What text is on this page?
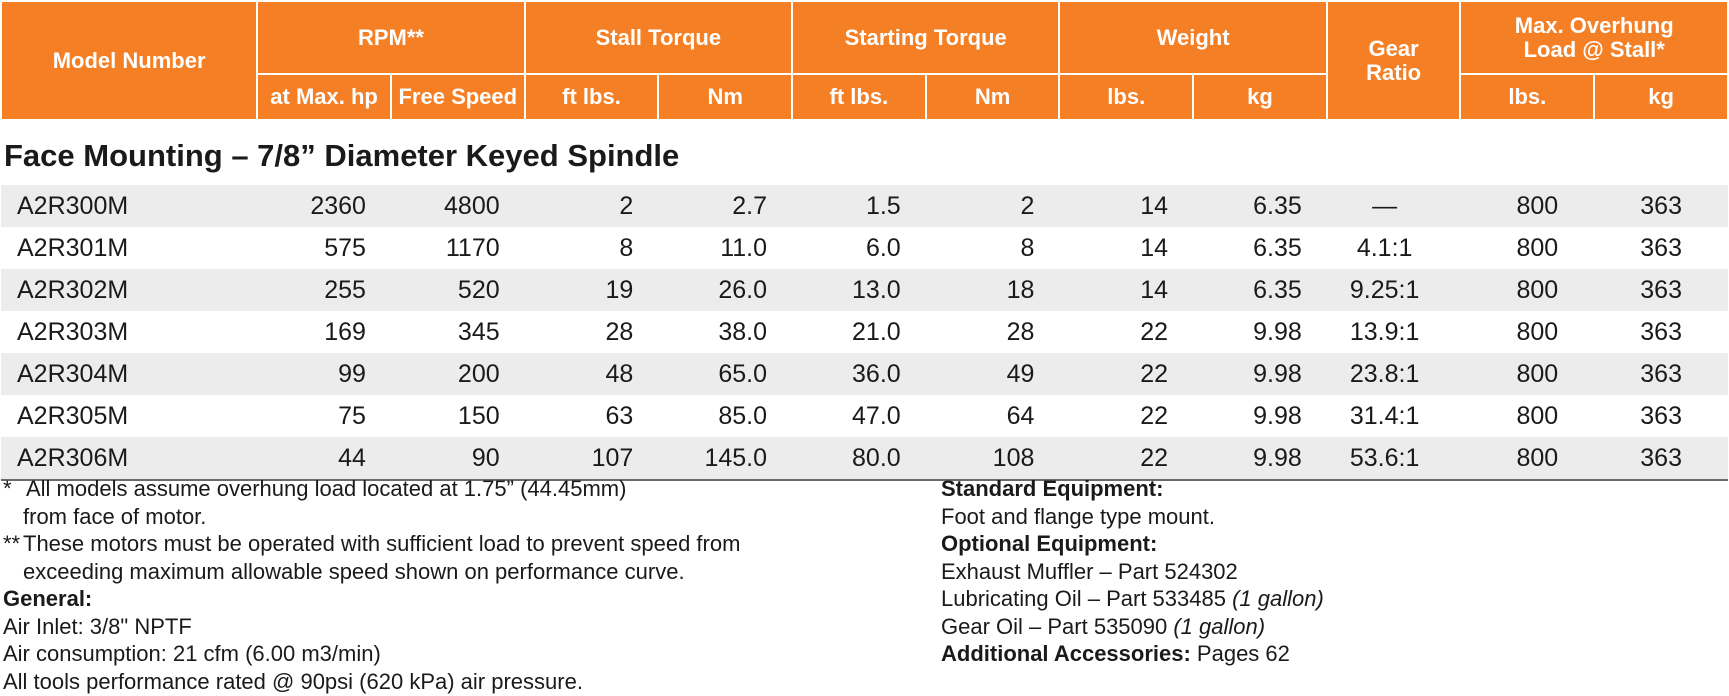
Model Number	RPM**		Stall Torque		Starting Torque		Weight		Gear Ratio	Max. Overhung Load @ Stall*	

	at Max. hp	Free Speed	ft lbs.	Nm	ft lbs.	Nm	lbs.	kg		lbs.	kg
Face Mounting – 7/8” Diameter Keyed Spindle											
A2R300M	2360	4800	2	2.7	1.5	2	14	6.35	—	800	363
A2R301M	575	1170	8	11.0	6.0	8	14	6.35	4.1:1	800	363
A2R302M	255	520	19	26.0	13.0	18	14	6.35	9.25:1	800	363
A2R303M	169	345	28	38.0	21.0	28	22	9.98	13.9:1	800	363
A2R304M	99	200	48	65.0	36.0	49	22	9.98	23.8:1	800	363
A2R305M	75	150	63	85.0	47.0	64	22	9.98	31.4:1	800	363
A2R306M	44	90	107	145.0	80.0	108	22	9.98	53.6:1	800	363

* All models assume overhung load located at 1.75” (44.45mm)
from face of motor.

** These motors must be operated with sufficient load to prevent speed from
exceeding maximum allowable speed shown on performance curve.

General:

Air Inlet: 3/8" NPTF

Air consumption: 21 cfm (6.00 m3/min)

All tools performance rated @ 90psi (620 kPa) air pressure.

Standard Equipment:

Foot and flange type mount.

Optional Equipment:

Exhaust Muffler – Part 524302

Lubricating Oil – Part 533485 (1 gallon)

Gear Oil – Part 535090 (1 gallon)

Additional Accessories: Pages 62
